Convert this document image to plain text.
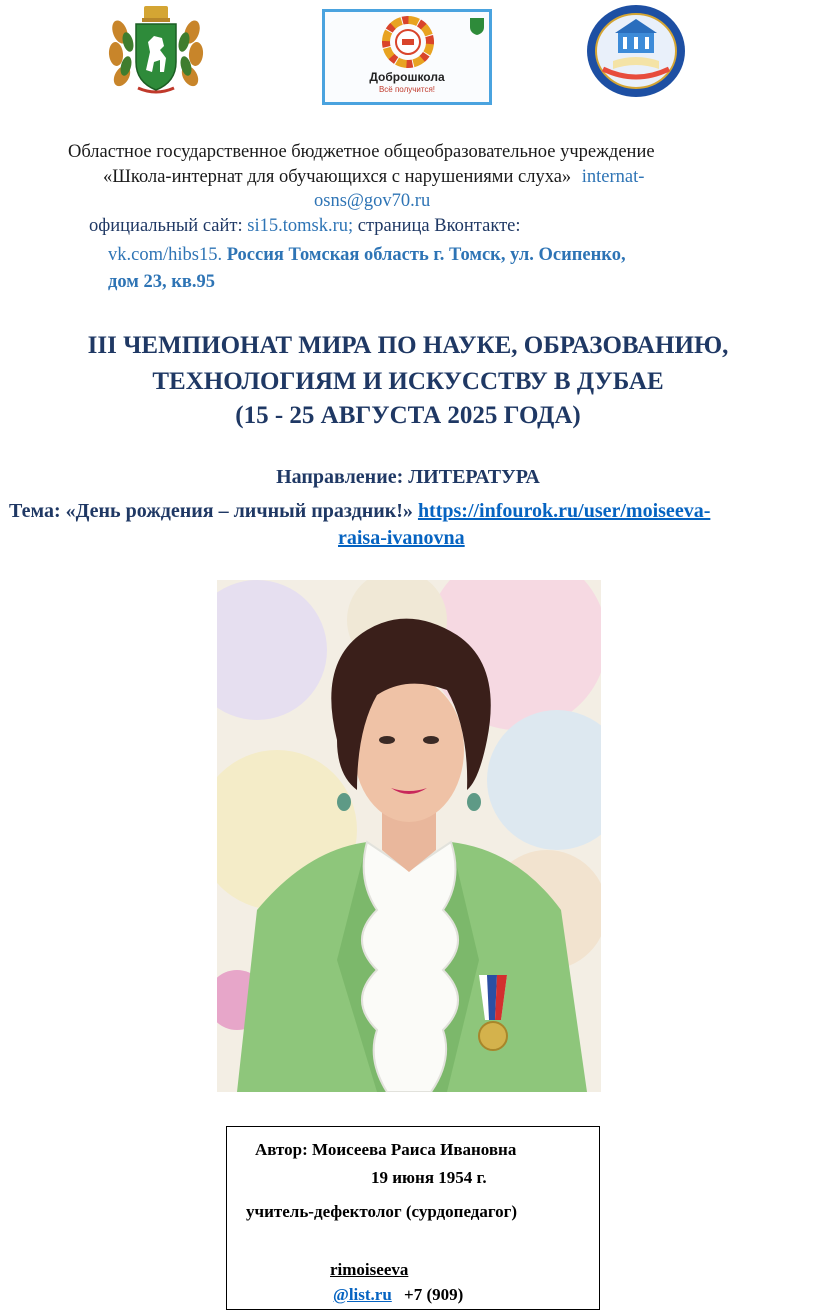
Доброшкола
Всё получится!
Областное государственное бюджетное общеобразовательное учреждение
«Школа-интернат для обучающихся с нарушениями слуха» internat-
osns@gov70.ru
официальный сайт: si15.tomsk.ru; страница Вконтакте:
vk.com/hibs15. Россия Томская область г. Томск, ул. Осипенко,
дом 23, кв.95
III ЧЕМПИОНАТ МИРА ПО НАУКЕ, ОБРАЗОВАНИЮ,
ТЕХНОЛОГИЯМ И ИСКУССТВУ В ДУБАЕ
(15 - 25 АВГУСТА 2025 ГОДА)
Направление: ЛИТЕРАТУРА
Тема: «День рождения – личный праздник!» https://infourok.ru/user/moiseeva-
raisa-ivanovna
Автор: Моисеева Раиса Ивановна
19 июня 1954 г.
учитель-дефектолог (сурдопедагог)
rimoiseeva
@list.ru +7 (909)
